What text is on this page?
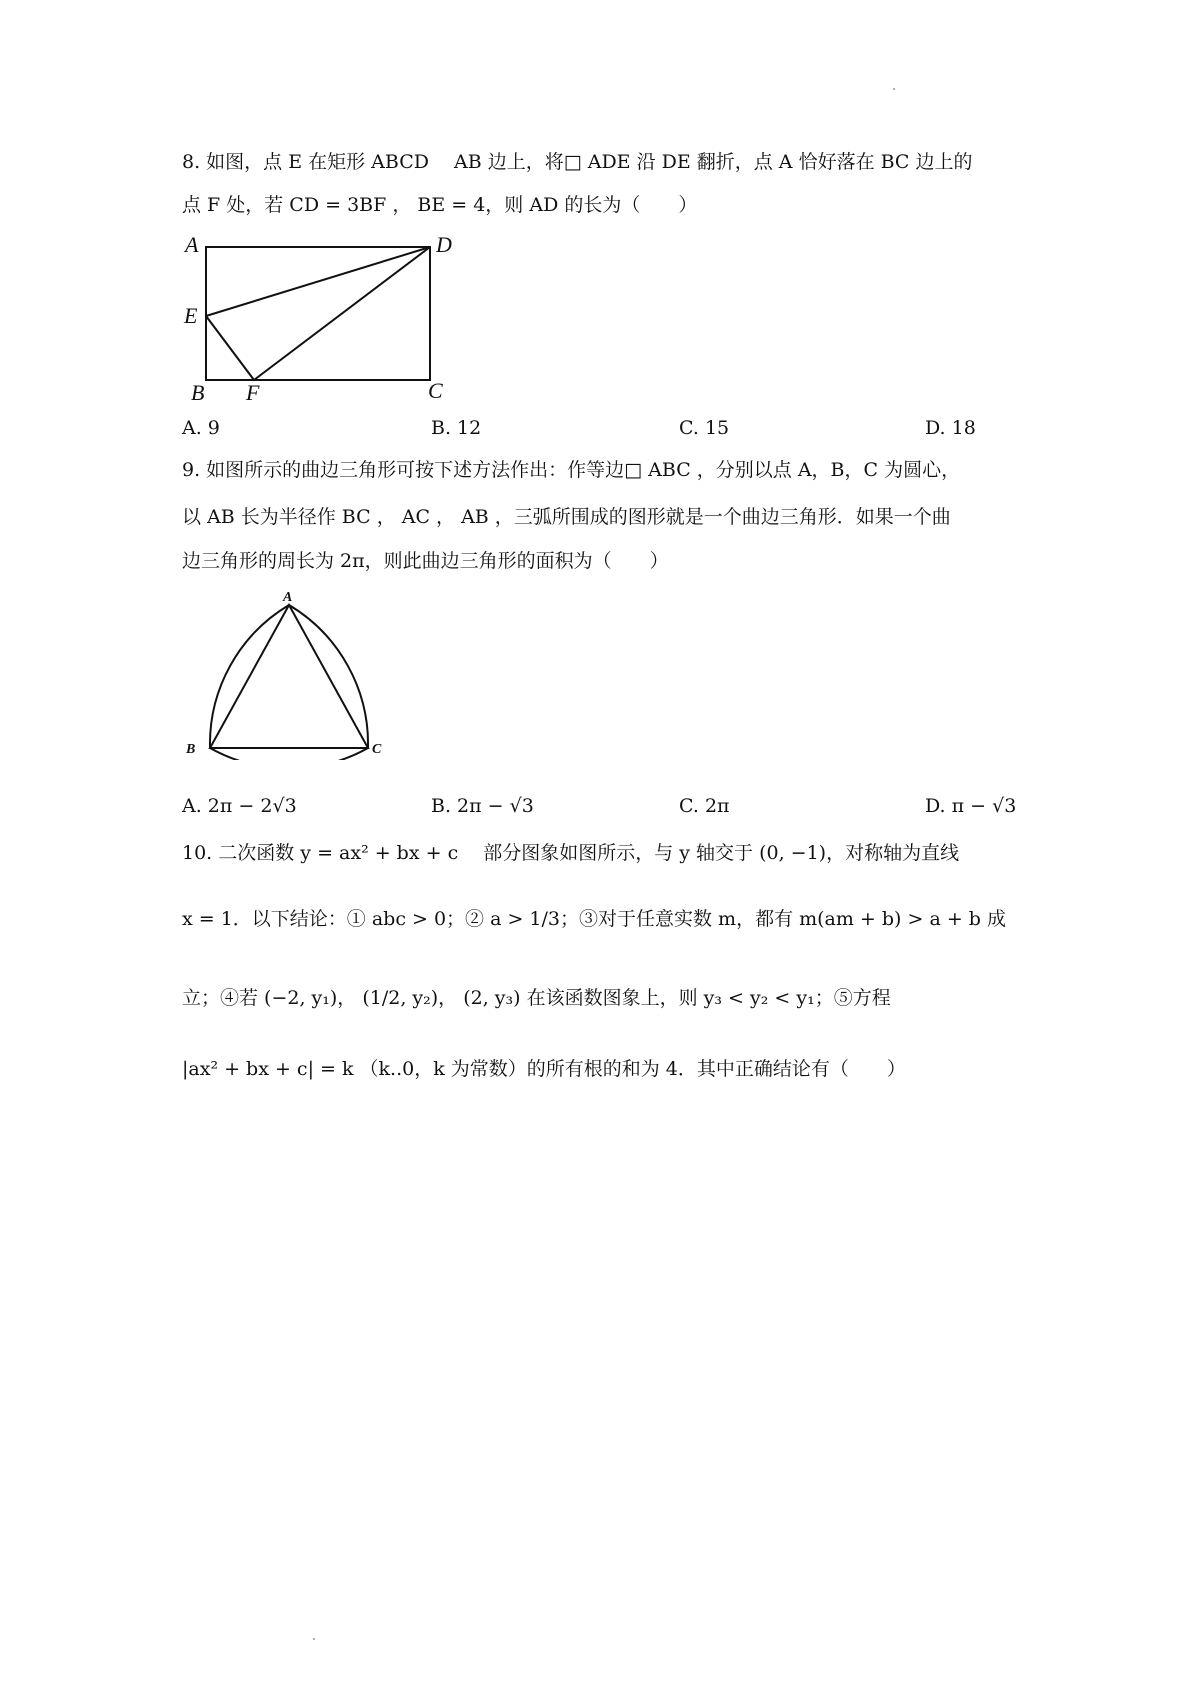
8. 如图，点 E 在矩形 ABCD　 AB 边上，将□ ADE 沿 DE 翻折，点 A 恰好落在 BC 边上的
点 F 处，若 CD = 3BF ， BE = 4，则 AD 的长为（　　）
A	D
E
B F	C
A. 9	B. 12	C. 15	D. 18
9. 如图所示的曲边三角形可按下述方法作出：作等边□ ABC ，分别以点 A，B，C 为圆心，
以 AB 长为半径作 BC ， AC ， AB ，三弧所围成的图形就是一个曲边三角形．如果一个曲
边三角形的周长为 2π，则此曲边三角形的面积为（　　）
A
B	C
A. 2π − 2√3	B. 2π − √3	C. 2π	D. π − √3
10. 二次函数 y = ax² + bx + c　 部分图象如图所示，与 y 轴交于 (0, −1)，对称轴为直线
x = 1．以下结论：① abc > 0；② a > 1/3；③对于任意实数 m，都有 m(am + b) > a + b 成
立；④若 (−2, y₁)， (1/2, y₂)， (2, y₃) 在该函数图象上，则 y₃ < y₂ < y₁；⑤方程
|ax² + bx + c| = k （k..0，k 为常数）的所有根的和为 4．其中正确结论有（　　）
